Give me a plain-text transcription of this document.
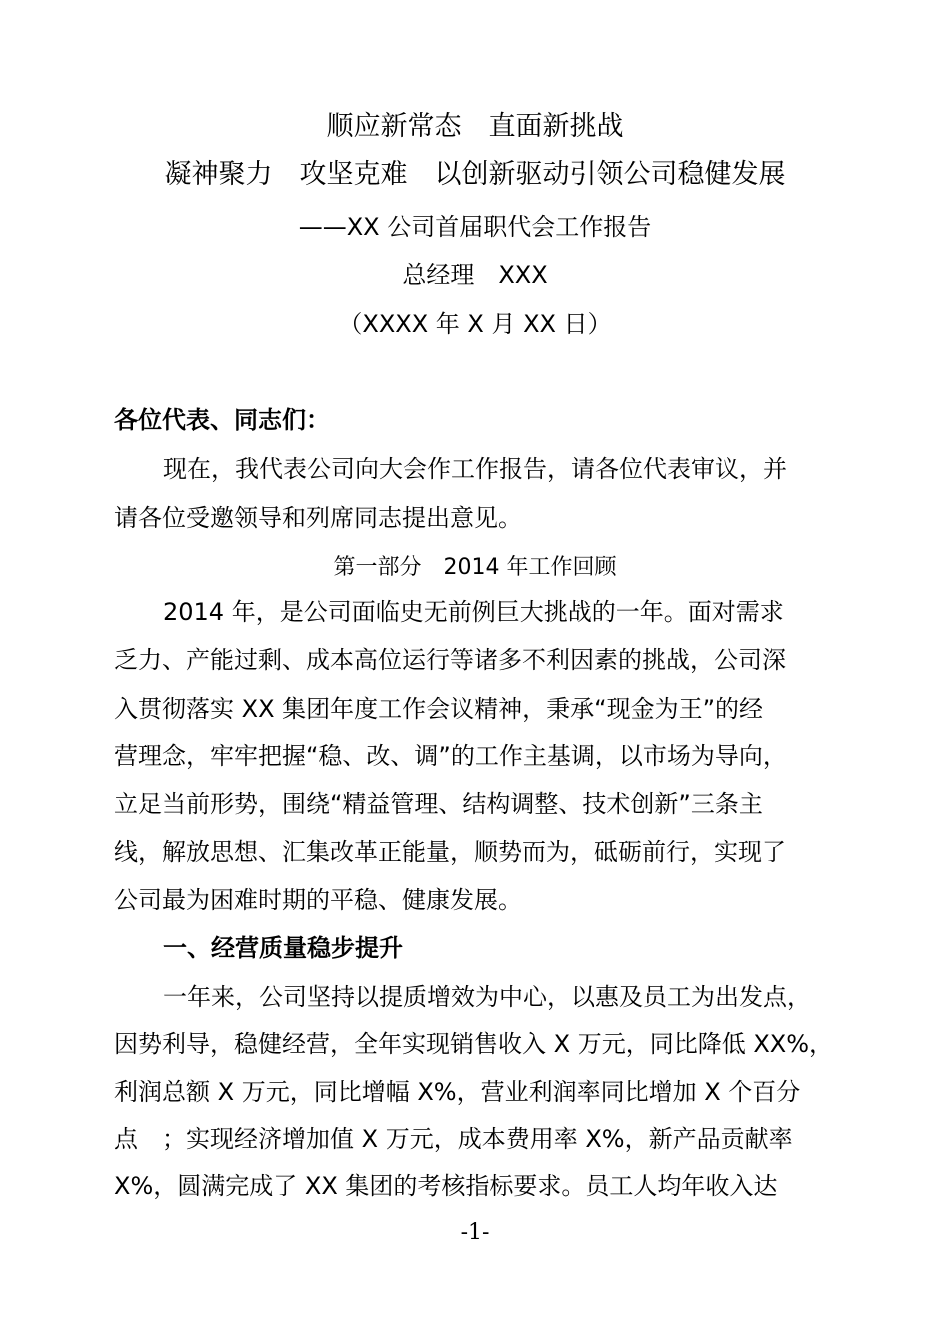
顺应新常态　直面新挑战
凝神聚力　攻坚克难　以创新驱动引领公司稳健发展
——XX 公司首届职代会工作报告
总经理　XXX
（XXXX 年 X 月 XX 日）
各位代表、同志们：
现在，我代表公司向大会作工作报告，请各位代表审议，并
请各位受邀领导和列席同志提出意见。
第一部分　2014 年工作回顾
2014 年，是公司面临史无前例巨大挑战的一年。面对需求
乏力、产能过剩、成本高位运行等诸多不利因素的挑战，公司深
入贯彻落实 XX 集团年度工作会议精神，秉承“现金为王”的经
营理念，牢牢把握“稳、改、调”的工作主基调，以市场为导向，
立足当前形势，围绕“精益管理、结构调整、技术创新”三条主
线，解放思想、汇集改革正能量，顺势而为，砥砺前行，实现了
公司最为困难时期的平稳、健康发展。
一、经营质量稳步提升
一年来，公司坚持以提质增效为中心，以惠及员工为出发点，
因势利导，稳健经营，全年实现销售收入 X 万元，同比降低 XX%，
利润总额 X 万元，同比增幅 X%，营业利润率同比增加 X 个百分
点　；实现经济增加值 X 万元，成本费用率 X%，新产品贡献率
X%，圆满完成了 XX 集团的考核指标要求。员工人均年收入达
-1-
